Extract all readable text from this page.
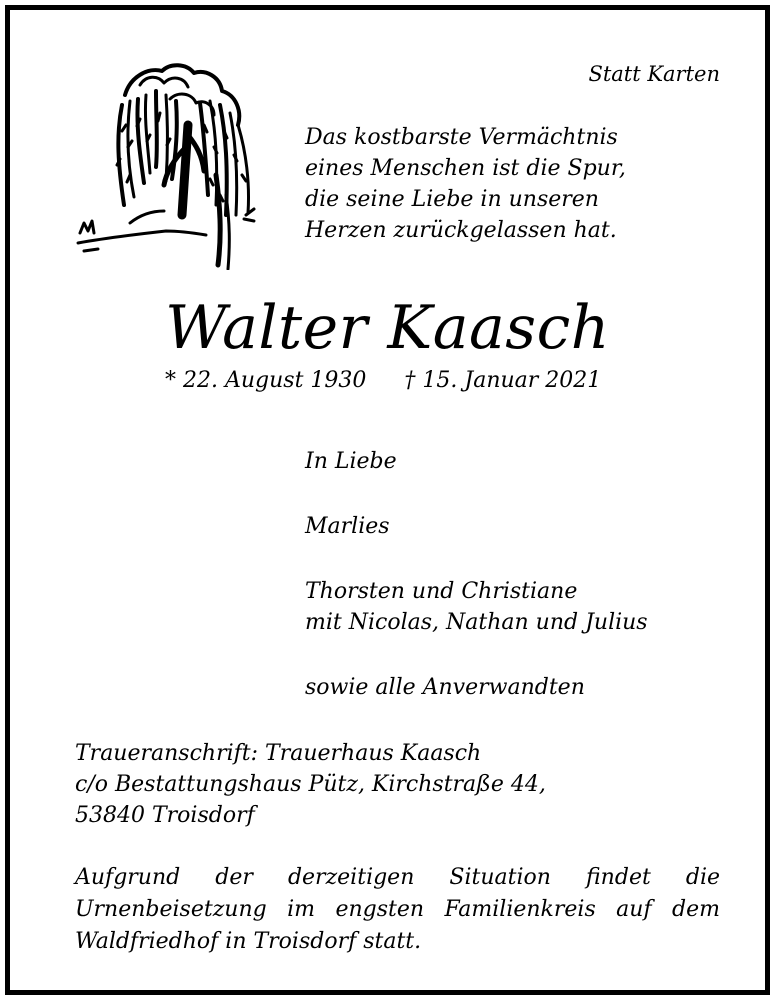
Statt Karten
Das kostbarste Vermächtnis
eines Menschen ist die Spur,
die seine Liebe in unseren
Herzen zurückgelassen hat.
Walter Kaasch
* 22. August 1930 † 15. Januar 2021
In Liebe
Marlies
Thorsten und Christiane
mit Nicolas, Nathan und Julius
sowie alle Anverwandten
Traueranschrift: Trauerhaus Kaasch
c/o Bestattungshaus Pütz, Kirchstraße 44,
53840 Troisdorf
Aufgrund der derzeitigen Situation findet die
Urnenbeisetzung im engsten Familienkreis auf dem
Waldfriedhof in Troisdorf statt.
